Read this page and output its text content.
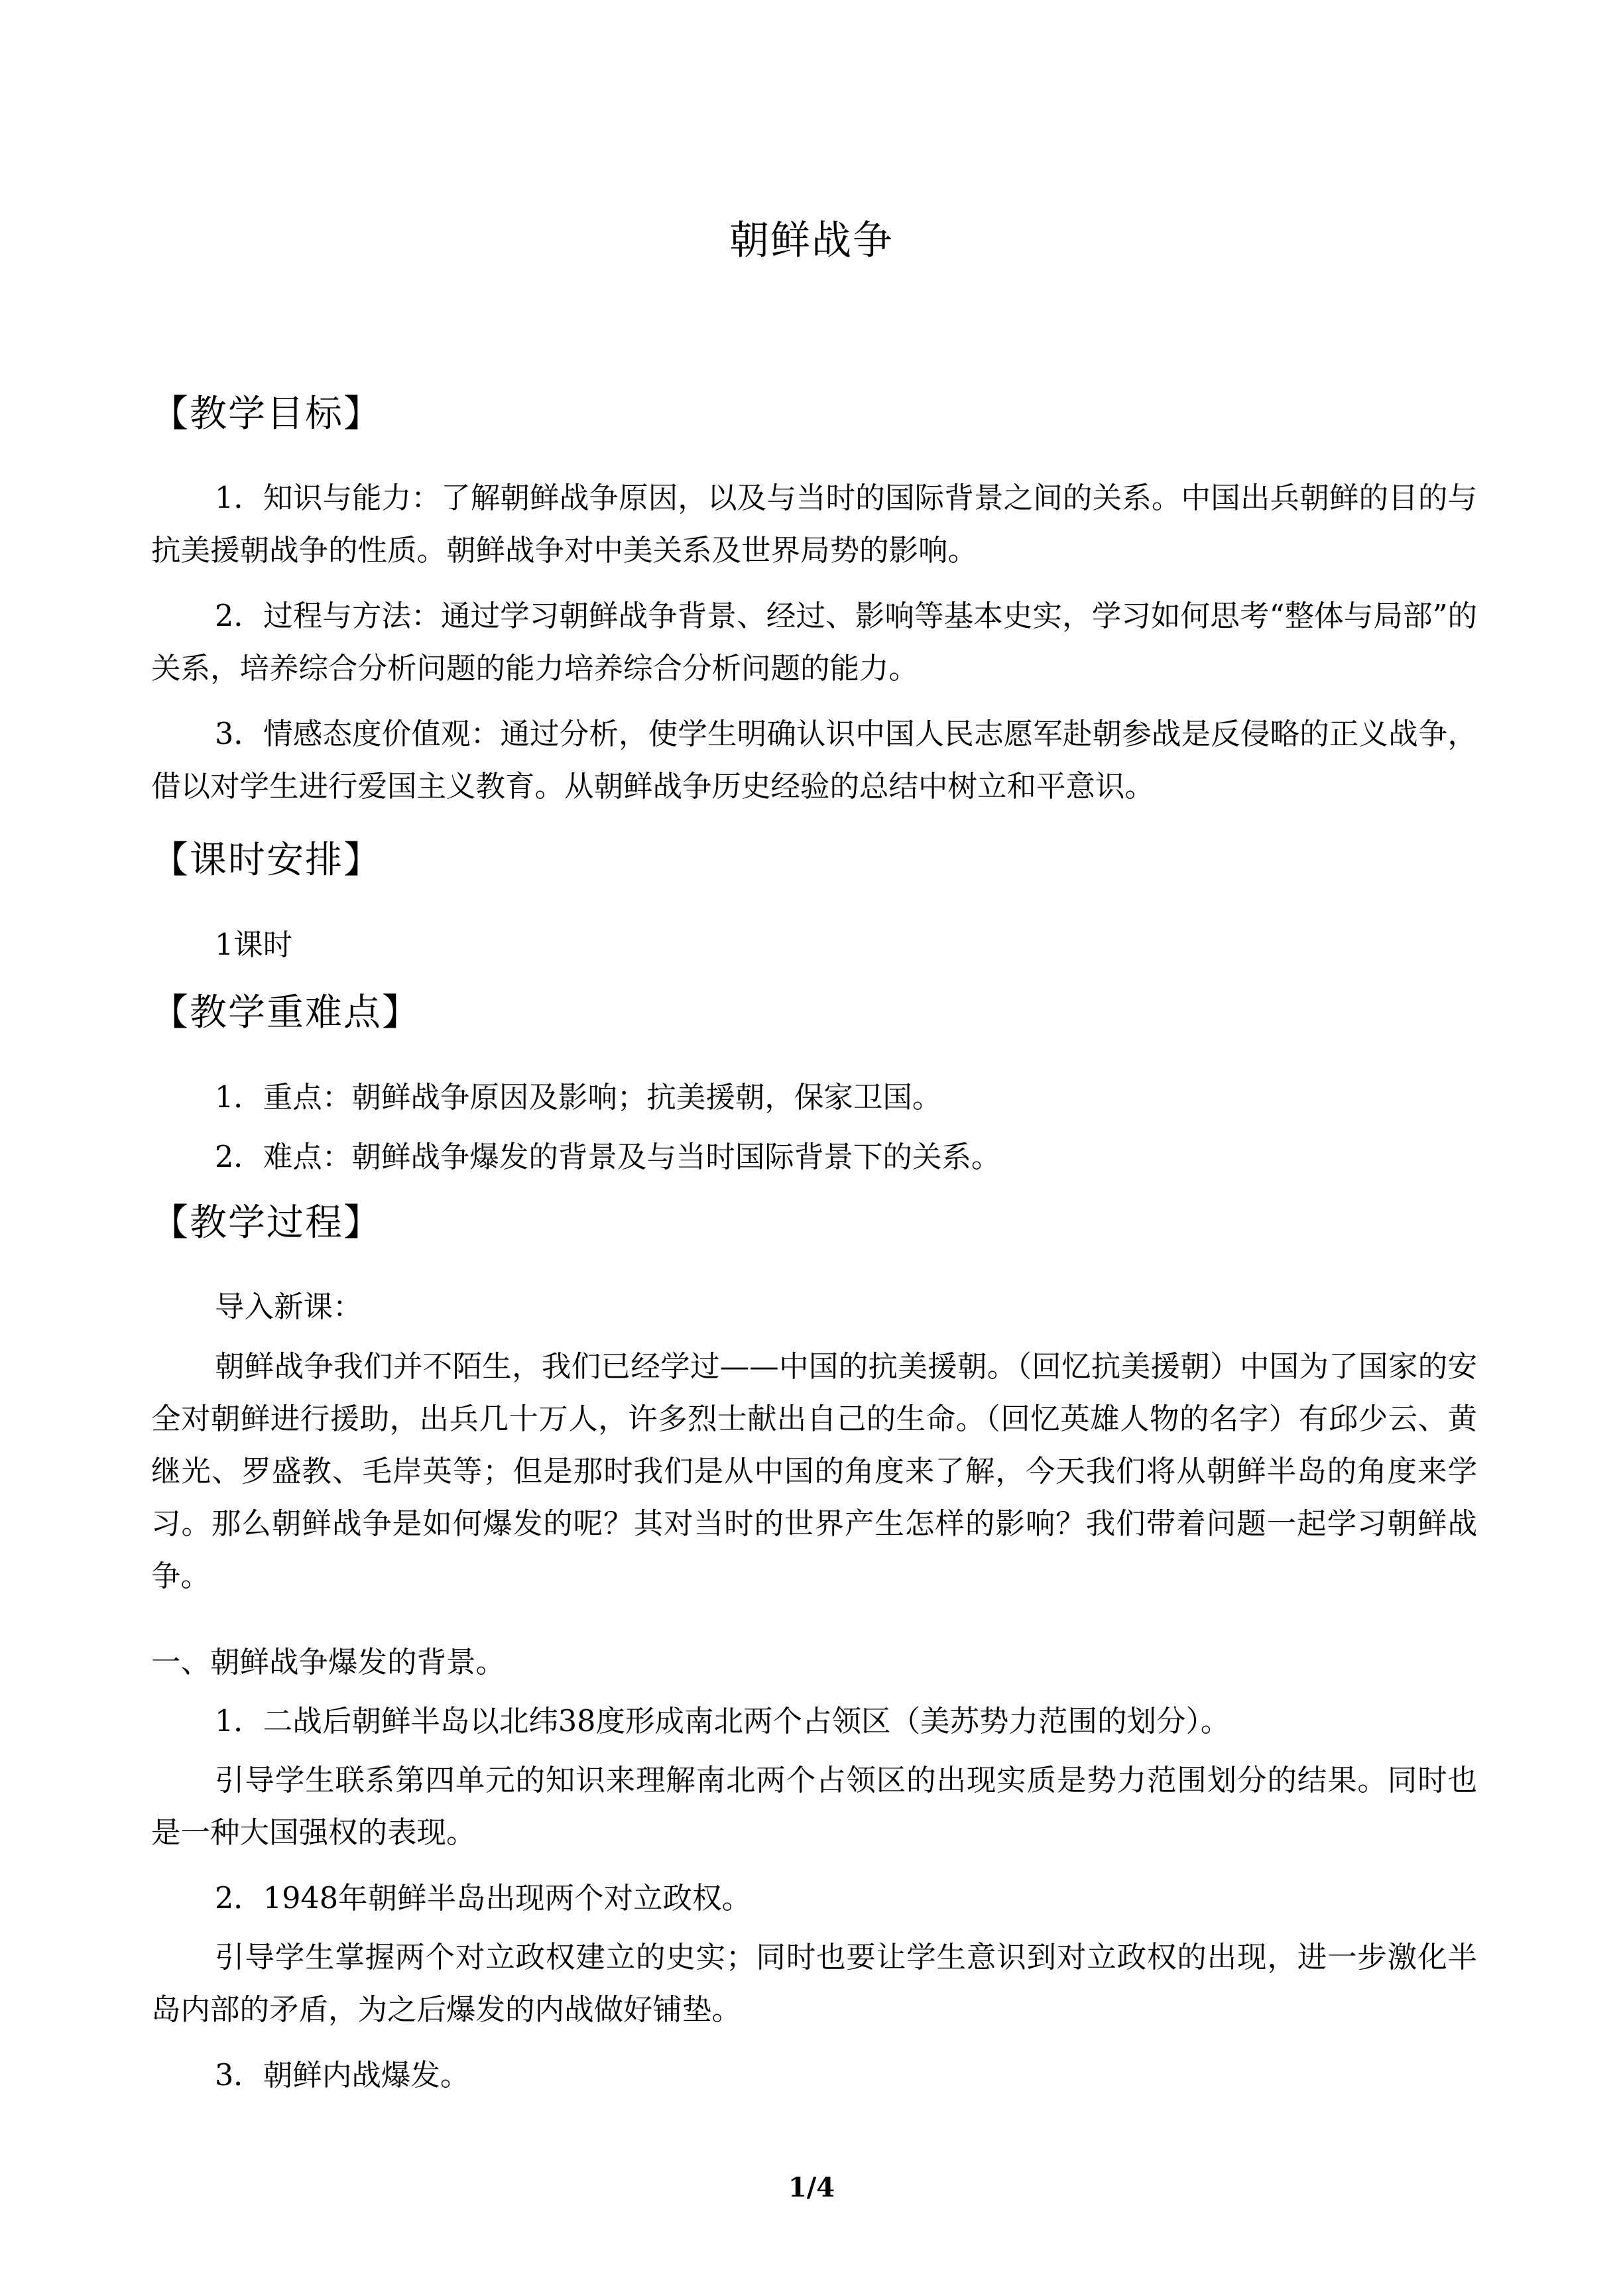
朝鲜战争
【教学目标】

1．知识与能力：了解朝鲜战争原因，以及与当时的国际背景之间的关系。中国出兵朝鲜的目的与抗美援朝战争的性质。朝鲜战争对中美关系及世界局势的影响。

2．过程与方法：通过学习朝鲜战争背景、经过、影响等基本史实，学习如何思考“整体与局部”的关系，培养综合分析问题的能力培养综合分析问题的能力。

3．情感态度价值观：通过分析，使学生明确认识中国人民志愿军赴朝参战是反侵略的正义战争，借以对学生进行爱国主义教育。从朝鲜战争历史经验的总结中树立和平意识。

【课时安排】

1课时

【教学重难点】

1．重点：朝鲜战争原因及影响；抗美援朝，保家卫国。

2．难点：朝鲜战争爆发的背景及与当时国际背景下的关系。

【教学过程】

导入新课：

朝鲜战争我们并不陌生，我们已经学过——中国的抗美援朝。（回忆抗美援朝）中国为了国家的安全对朝鲜进行援助，出兵几十万人，许多烈士献出自己的生命。（回忆英雄人物的名字）有邱少云、黄继光、罗盛教、毛岸英等；但是那时我们是从中国的角度来了解，今天我们将从朝鲜半岛的角度来学习。那么朝鲜战争是如何爆发的呢？其对当时的世界产生怎样的影响？我们带着问题一起学习朝鲜战争。

一、朝鲜战争爆发的背景。

1．二战后朝鲜半岛以北纬38度形成南北两个占领区（美苏势力范围的划分）。

引导学生联系第四单元的知识来理解南北两个占领区的出现实质是势力范围划分的结果。同时也是一种大国强权的表现。

2．1948年朝鲜半岛出现两个对立政权。

引导学生掌握两个对立政权建立的史实；同时也要让学生意识到对立政权的出现，进一步激化半岛内部的矛盾，为之后爆发的内战做好铺垫。

3．朝鲜内战爆发。

1/4
